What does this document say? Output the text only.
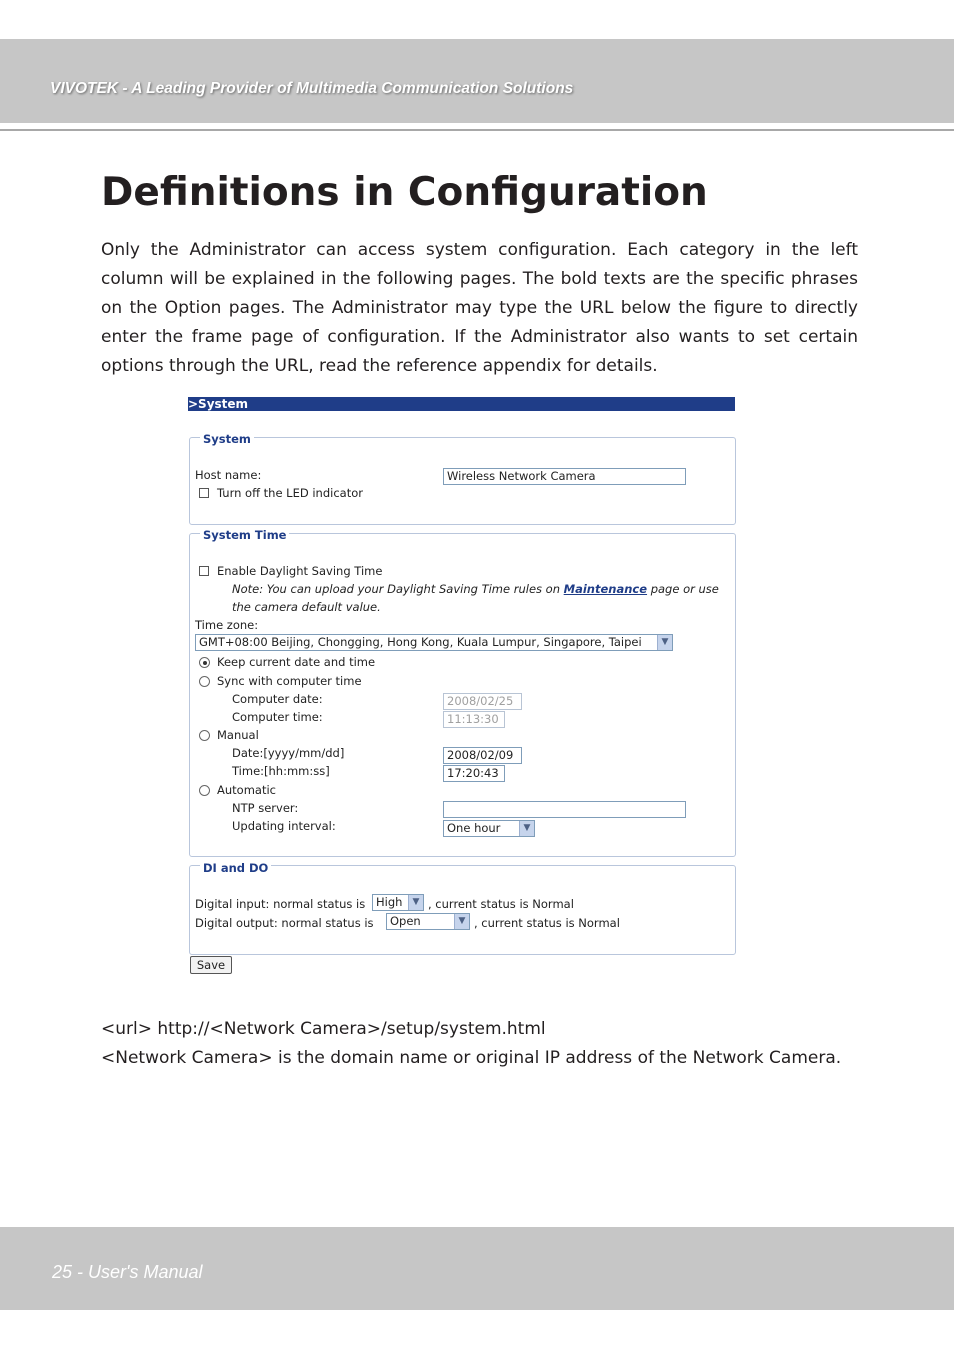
VIVOTEK - A Leading Provider of Multimedia Communication Solutions
Definitions in Configuration

Only the Administrator can access system configuration. Each category in the left column will be explained in the following pages. The bold texts are the specific phrases on the Option pages. The Administrator may type the URL below the figure to directly enter the frame page of configuration. If the Administrator also wants to set certain options through the URL, read the reference appendix for details.

>System
System
Host name:	Wireless Network Camera
Turn off the LED indicator
System Time
Enable Daylight Saving Time
Note: You can upload your Daylight Saving Time rules on Maintenance page or use
the camera default value.
Time zone:
GMT+08:00 Beijing, Chongging, Hong Kong, Kuala Lumpur, Singapore, Taipei	▼
Keep current date and time
Sync with computer time
Computer date:	2008/02/25
Computer time:	11:13:30
Manual
Date:[yyyy/mm/dd]	2008/02/09
Time:[hh:mm:ss]	17:20:43
Automatic
NTP server:
Updating interval:	One hour	▼
DI and DO
Digital input: normal status is High	▼ , current status is Normal
Digital output: normal status is	Open	▼ , current status is Normal
Save

<url> http://<Network Camera>/setup/system.html

<Network Camera> is the domain name or original IP address of the Network Camera.

25 - User's Manual
